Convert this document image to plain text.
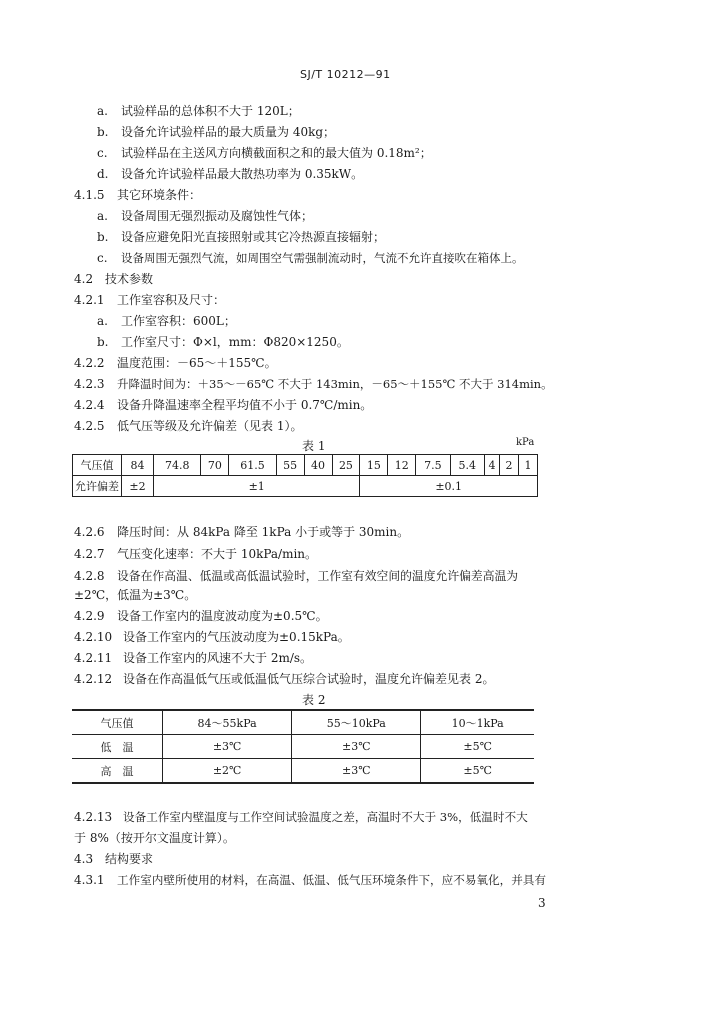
SJ/T 10212—91
a. 试验样品的总体积不大于 120L；
b. 设备允许试验样品的最大质量为 40kg；
c. 试验样品在主送风方向横截面积之和的最大值为 0.18m²；
d. 设备允许试验样品最大散热功率为 0.35kW。
4.1.5 其它环境条件：
a. 设备周围无强烈振动及腐蚀性气体；
b. 设备应避免阳光直接照射或其它冷热源直接辐射；
c. 设备周围无强烈气流，如周围空气需强制流动时，气流不允许直接吹在箱体上。
4.2 技术参数
4.2.1 工作室容积及尺寸：
a. 工作室容积：600L；
b. 工作室尺寸：Φ×l，mm：Φ820×1250。
4.2.2 温度范围：－65～＋155℃。
4.2.3 升降温时间为：＋35～－65℃ 不大于 143min，－65～＋155℃ 不大于 314min。
4.2.4 设备升降温速率全程平均值不小于 0.7℃/min。
4.2.5 低气压等级及允许偏差（见表 1）。
表 1	kPa
气压值	84	74.8	70	61.5	55	40	25	15	12	7.5	5.4	4	2	1
允许偏差	±2	±1						±0.1						
4.2.6 降压时间：从 84kPa 降至 1kPa 小于或等于 30min。
4.2.7 气压变化速率：不大于 10kPa/min。
4.2.8 设备在作高温、低温或高低温试验时，工作室有效空间的温度允许偏差高温为
±2℃，低温为±3℃。
4.2.9 设备工作室内的温度波动度为±0.5℃。
4.2.10 设备工作室内的气压波动度为±0.15kPa。
4.2.11 设备工作室内的风速不大于 2m/s。
4.2.12 设备在作高温低气压或低温低气压综合试验时，温度允许偏差见表 2。
表 2
气压值	84～55kPa	55～10kPa	10～1kPa
低　温	±3℃	±3℃	±5℃
高　温	±2℃	±3℃	±5℃
4.2.13 设备工作室内壁温度与工作空间试验温度之差，高温时不大于 3%，低温时不大
于 8%（按开尔文温度计算）。
4.3 结构要求
4.3.1 工作室内壁所使用的材料，在高温、低温、低气压环境条件下，应不易氧化，并具有
3
